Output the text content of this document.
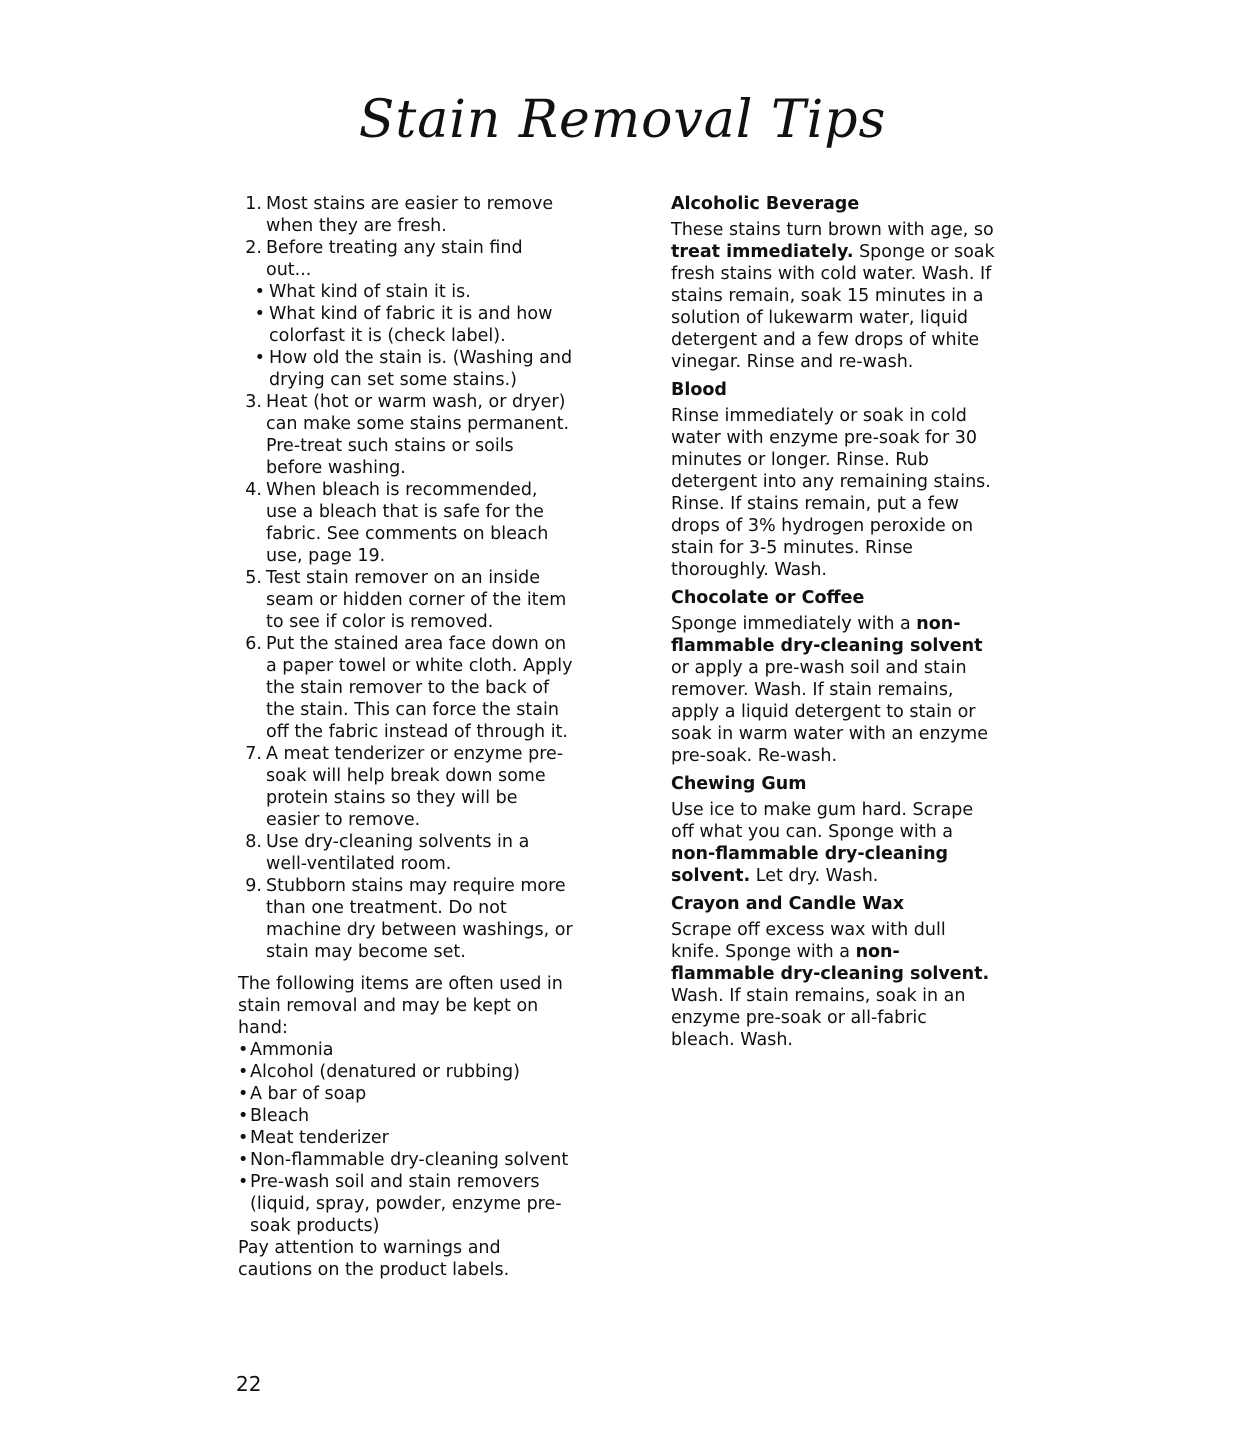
Stain Removal Tips
1. Most stains are easier to remove when they are fresh.
2. Before treating any stain find out...
• What kind of stain it is.
• What kind of fabric it is and how colorfast it is (check label).
• How old the stain is. (Washing and drying can set some stains.)
3. Heat (hot or warm wash, or dryer) can make some stains permanent. Pre-treat such stains or soils before washing.
4. When bleach is recommended, use a bleach that is safe for the fabric. See comments on bleach use, page 19.
5. Test stain remover on an inside seam or hidden corner of the item to see if color is removed.
6. Put the stained area face down on a paper towel or white cloth. Apply the stain remover to the back of the stain. This can force the stain off the fabric instead of through it.
7. A meat tenderizer or enzyme pre-soak will help break down some protein stains so they will be easier to remove.
8. Use dry-cleaning solvents in a well-ventilated room.
9. Stubborn stains may require more than one treatment. Do not machine dry between washings, or stain may become set.

The following items are often used in stain removal and may be kept on hand:

• Ammonia
• Alcohol (denatured or rubbing)
• A bar of soap
• Bleach
• Meat tenderizer
• Non-flammable dry-cleaning solvent
• Pre-wash soil and stain removers (liquid, spray, powder, enzyme pre-soak products)

Pay attention to warnings and cautions on the product labels.

Alcoholic Beverage

These stains turn brown with age, so treat immediately. Sponge or soak fresh stains with cold water. Wash. If stains remain, soak 15 minutes in a solution of lukewarm water, liquid detergent and a few drops of white vinegar. Rinse and re-wash.

Blood

Rinse immediately or soak in cold water with enzyme pre-soak for 30 minutes or longer. Rinse. Rub detergent into any remaining stains. Rinse. If stains remain, put a few drops of 3% hydrogen peroxide on stain for 3-5 minutes. Rinse thoroughly. Wash.

Chocolate or Coffee

Sponge immediately with a non-flammable dry-cleaning solvent or apply a pre-wash soil and stain remover. Wash. If stain remains, apply a liquid detergent to stain or soak in warm water with an enzyme pre-soak. Re-wash.

Chewing Gum

Use ice to make gum hard. Scrape off what you can. Sponge with a non-flammable dry-cleaning solvent. Let dry. Wash.

Crayon and Candle Wax

Scrape off excess wax with dull knife. Sponge with a non-flammable dry-cleaning solvent. Wash. If stain remains, soak in an enzyme pre-soak or all-fabric bleach. Wash.

22
